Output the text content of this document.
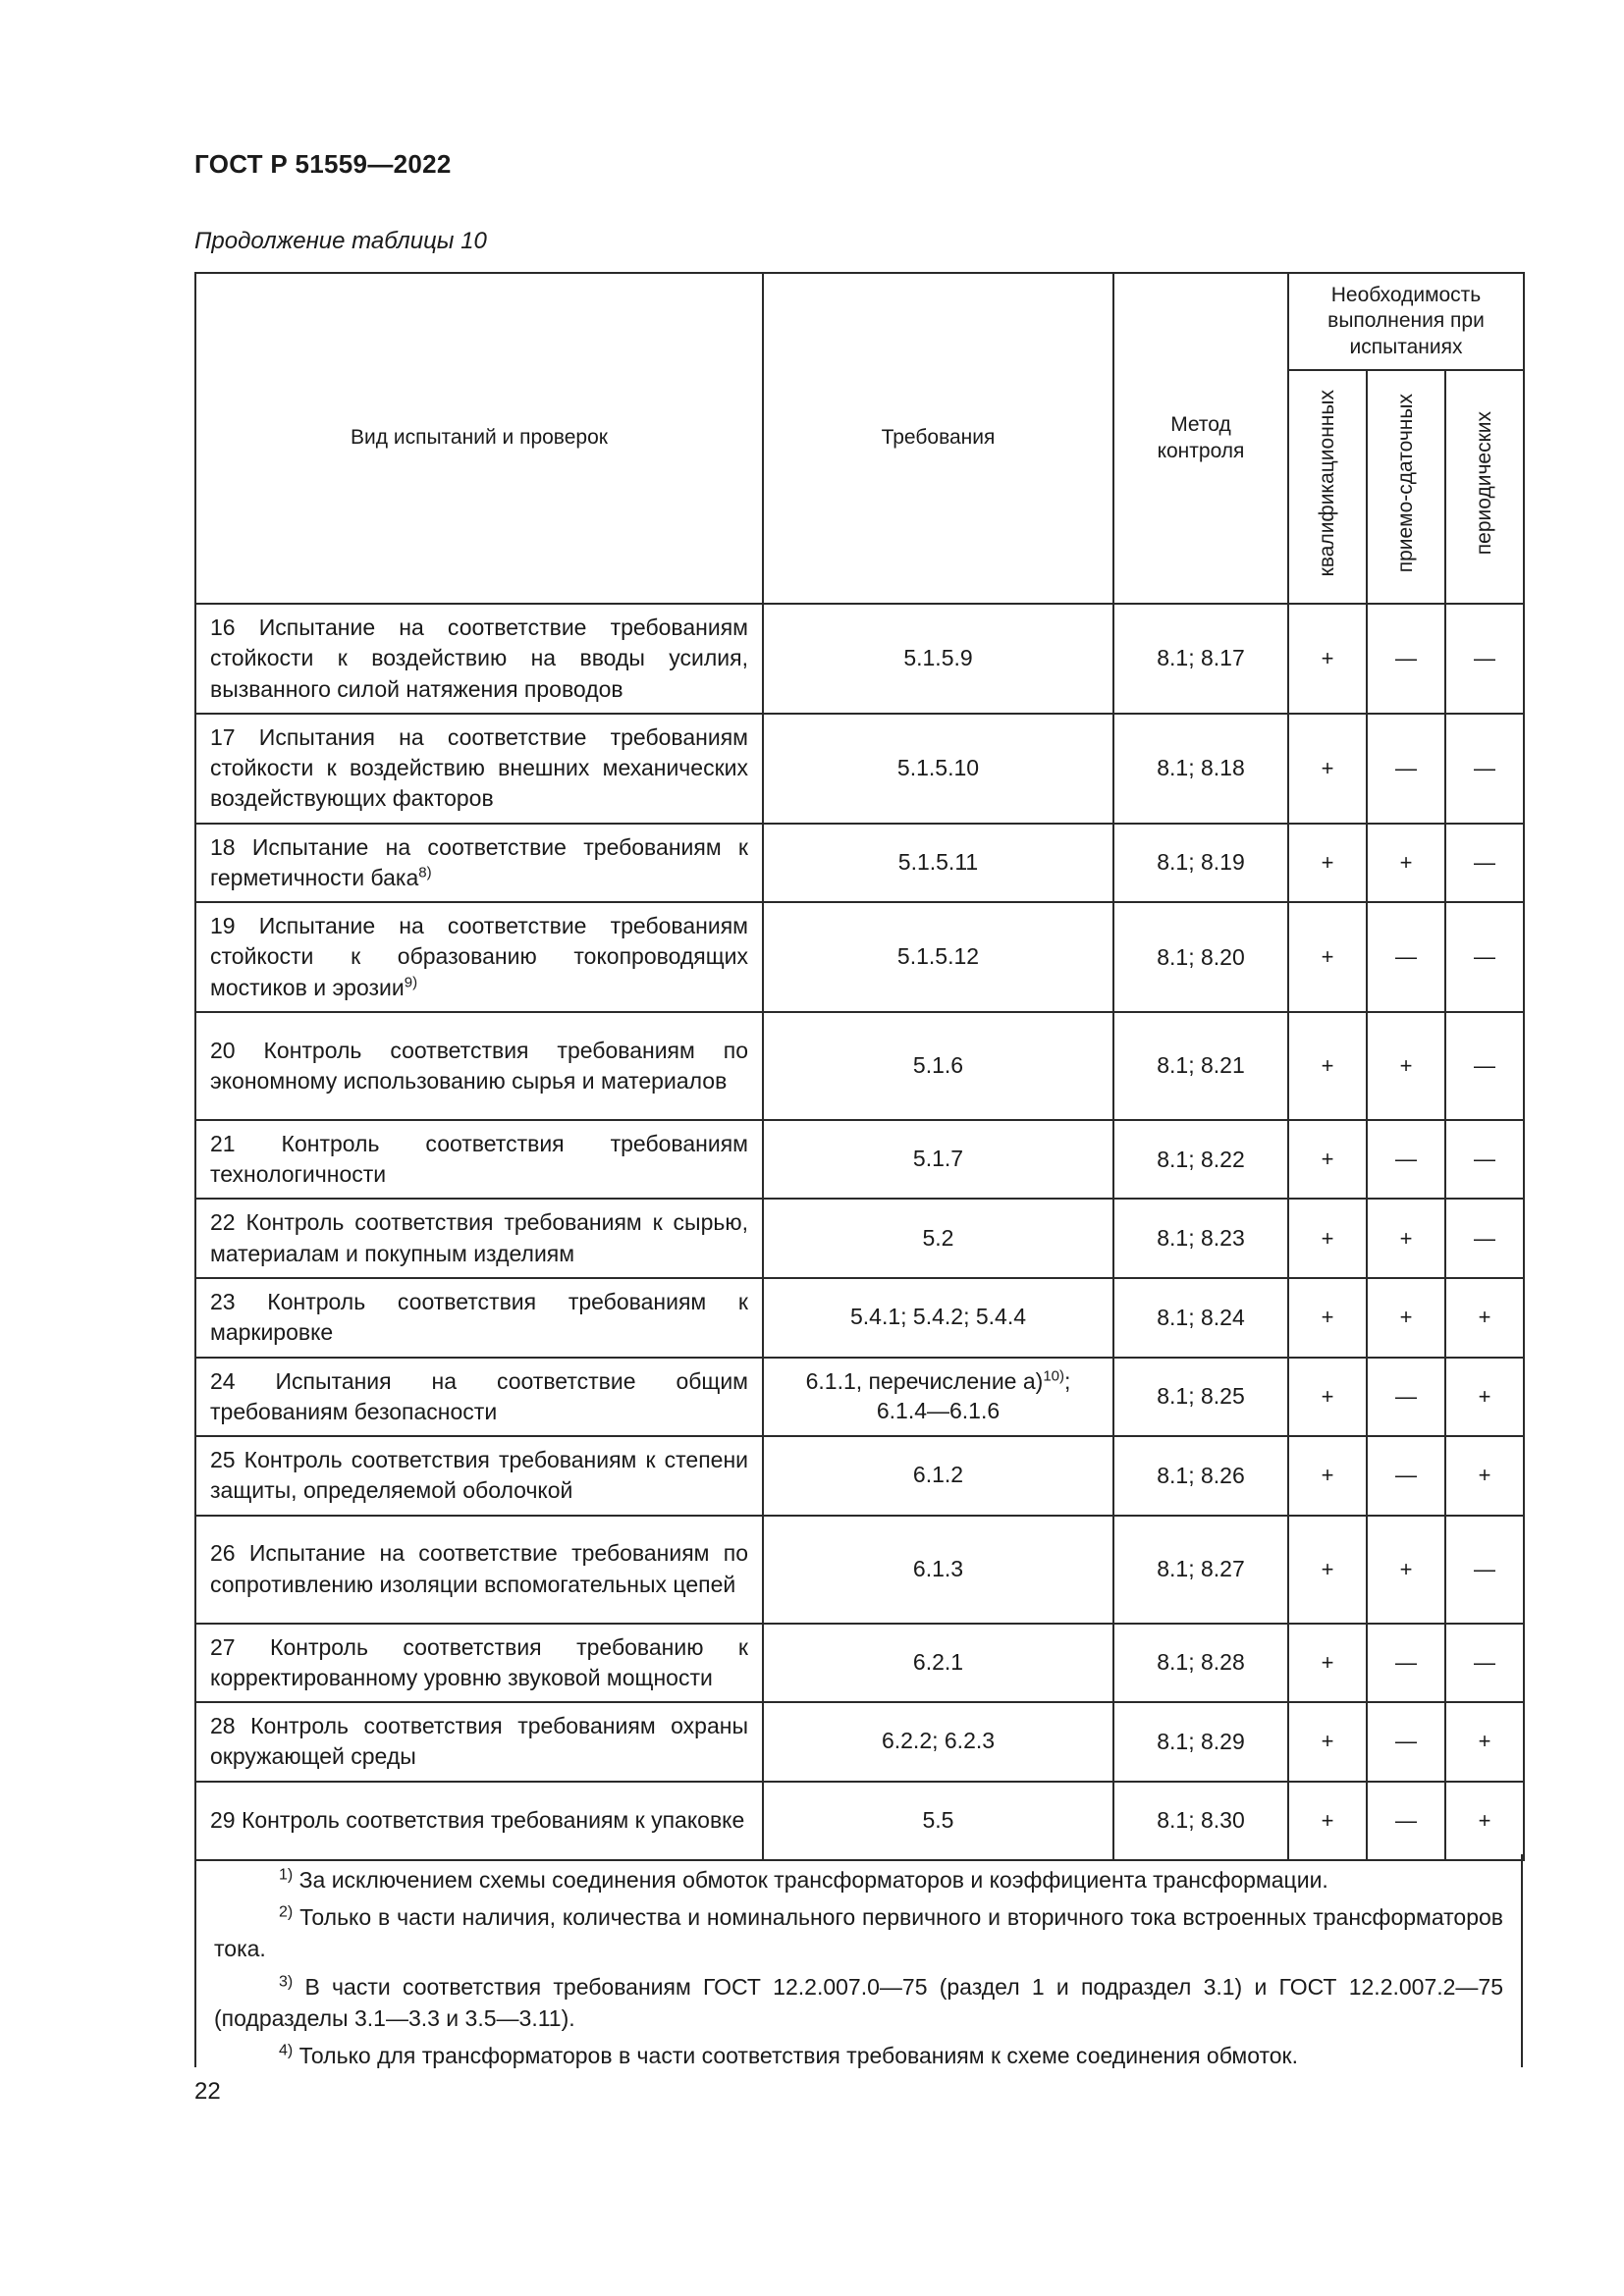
ГОСТ Р 51559—2022
Продолжение таблицы 10
Вид испытаний и проверок	Требования	Метод контроля	Необходимость выполнения при испытаниях		
			квалификационных	приемо-сдаточных	периодических
16 Испытание на соответствие требованиям стойкости к воздействию на вводы усилия, вызванного силой натяжения проводов	5.1.5.9	8.1; 8.17	+	—	—
17 Испытания на соответствие требованиям стойкости к воздействию внешних механических воздействующих факторов	5.1.5.10	8.1; 8.18	+	—	—
18 Испытание на соответствие требованиям к герметичности бака$^{8)}$	5.1.5.11	8.1; 8.19	+	+	—
19 Испытание на соответствие требованиям стойкости к образованию токопроводящих мостиков и эрозии$^{9)}$	5.1.5.12	8.1; 8.20	+	—	—
20 Контроль соответствия требованиям по экономному использованию сырья и материалов	5.1.6	8.1; 8.21	+	+	—
21 Контроль соответствия требованиям технологичности	5.1.7	8.1; 8.22	+	—	—
22 Контроль соответствия требованиям к сырью, материалам и покупным изделиям	5.2	8.1; 8.23	+	+	—
23 Контроль соответствия требованиям к маркировке	5.4.1; 5.4.2; 5.4.4	8.1; 8.24	+	+	+
24 Испытания на соответствие общим требованиям безопасности	6.1.1, перечисление а)$^{10)}$; 6.1.4—6.1.6	8.1; 8.25	+	—	+
25 Контроль соответствия требованиям к степени защиты, определяемой оболочкой	6.1.2	8.1; 8.26	+	—	+
26 Испытание на соответствие требованиям по сопротивлению изоляции вспомогательных цепей	6.1.3	8.1; 8.27	+	+	—
27 Контроль соответствия требованию к корректированному уровню звуковой мощности	6.2.1	8.1; 8.28	+	—	—
28 Контроль соответствия требованиям охраны окружающей среды	6.2.2; 6.2.3	8.1; 8.29	+	—	+
29 Контроль соответствия требованиям к упаковке	5.5	8.1; 8.30	+	—	+

$^{1)}$ За исключением схемы соединения обмоток трансформаторов и коэффициента трансформации.

$^{2)}$ Только в части наличия, количества и номинального первичного и вторичного тока встроенных трансформаторов тока.

$^{3)}$ В части соответствия требованиям ГОСТ 12.2.007.0—75 (раздел 1 и подраздел 3.1) и ГОСТ 12.2.007.2—75 (подразделы 3.1—3.3 и 3.5—3.11).

$^{4)}$ Только для трансформаторов в части соответствия требованиям к схеме соединения обмоток.

22
